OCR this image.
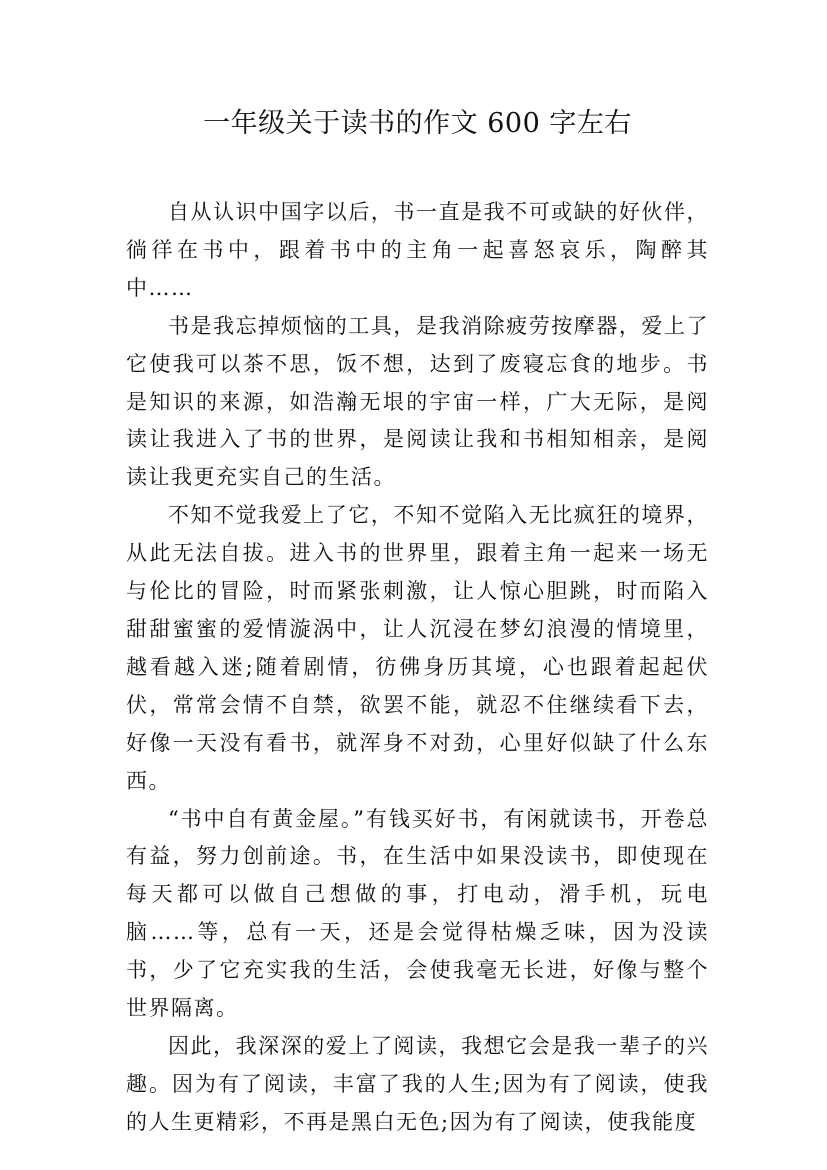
一年级关于读书的作文 600 字左右

自从认识中国字以后，书一直是我不可或缺的好伙伴，徜徉在书中，跟着书中的主角一起喜怒哀乐，陶醉其中……

书是我忘掉烦恼的工具，是我消除疲劳按摩器，爱上了它使我可以茶不思，饭不想，达到了废寝忘食的地步。书是知识的来源，如浩瀚无垠的宇宙一样，广大无际，是阅读让我进入了书的世界，是阅读让我和书相知相亲，是阅读让我更充实自己的生活。

不知不觉我爱上了它，不知不觉陷入无比疯狂的境界，从此无法自拔。进入书的世界里，跟着主角一起来一场无与伦比的冒险，时而紧张刺激，让人惊心胆跳，时而陷入甜甜蜜蜜的爱情漩涡中，让人沉浸在梦幻浪漫的情境里，越看越入迷;随着剧情，彷佛身历其境，心也跟着起起伏伏，常常会情不自禁，欲罢不能，就忍不住继续看下去，好像一天没有看书，就浑身不对劲，心里好似缺了什么东西。

“书中自有黄金屋。”有钱买好书，有闲就读书，开卷总有益，努力创前途。书，在生活中如果没读书，即使现在每天都可以做自己想做的事，打电动，滑手机，玩电脑……等，总有一天，还是会觉得枯燥乏味，因为没读书，少了它充实我的生活，会使我毫无长进，好像与整个世界隔离。

因此，我深深的爱上了阅读，我想它会是我一辈子的兴趣。因为有了阅读，丰富了我的人生;因为有了阅读，使我的人生更精彩，不再是黑白无色;因为有了阅读，使我能度
